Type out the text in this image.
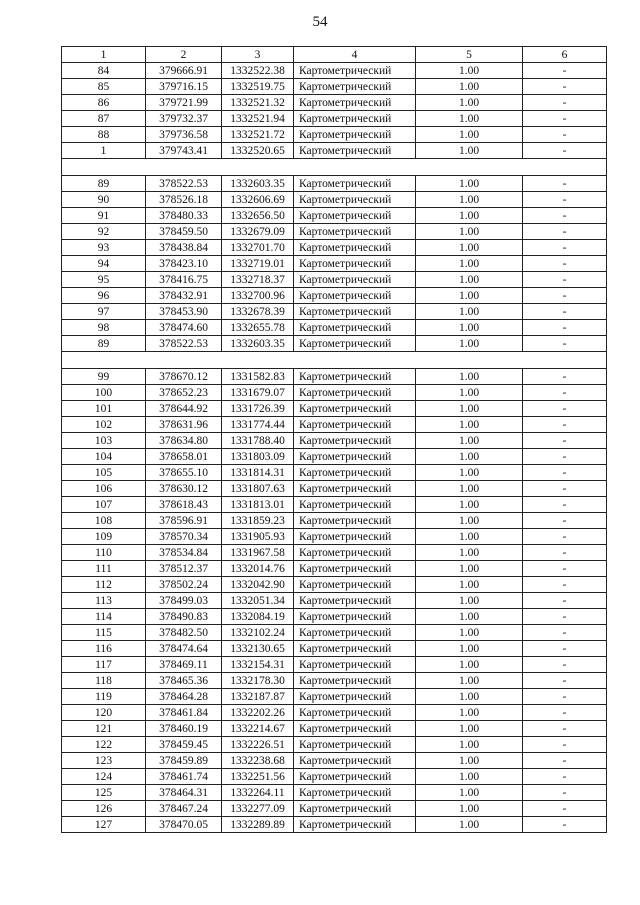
54
1	2	3	4	5	6
84	379666.91	1332522.38	Картометрический	1.00	-
85	379716.15	1332519.75	Картометрический	1.00	-
86	379721.99	1332521.32	Картометрический	1.00	-
87	379732.37	1332521.94	Картометрический	1.00	-
88	379736.58	1332521.72	Картометрический	1.00	-
1	379743.41	1332520.65	Картометрический	1.00	-

89	378522.53	1332603.35	Картометрический	1.00	-
90	378526.18	1332606.69	Картометрический	1.00	-
91	378480.33	1332656.50	Картометрический	1.00	-
92	378459.50	1332679.09	Картометрический	1.00	-
93	378438.84	1332701.70	Картометрический	1.00	-
94	378423.10	1332719.01	Картометрический	1.00	-
95	378416.75	1332718.37	Картометрический	1.00	-
96	378432.91	1332700.96	Картометрический	1.00	-
97	378453.90	1332678.39	Картометрический	1.00	-
98	378474.60	1332655.78	Картометрический	1.00	-
89	378522.53	1332603.35	Картометрический	1.00	-

99	378670.12	1331582.83	Картометрический	1.00	-
100	378652.23	1331679.07	Картометрический	1.00	-
101	378644.92	1331726.39	Картометрический	1.00	-
102	378631.96	1331774.44	Картометрический	1.00	-
103	378634.80	1331788.40	Картометрический	1.00	-
104	378658.01	1331803.09	Картометрический	1.00	-
105	378655.10	1331814.31	Картометрический	1.00	-
106	378630.12	1331807.63	Картометрический	1.00	-
107	378618.43	1331813.01	Картометрический	1.00	-
108	378596.91	1331859.23	Картометрический	1.00	-
109	378570.34	1331905.93	Картометрический	1.00	-
110	378534.84	1331967.58	Картометрический	1.00	-
111	378512.37	1332014.76	Картометрический	1.00	-
112	378502.24	1332042.90	Картометрический	1.00	-
113	378499.03	1332051.34	Картометрический	1.00	-
114	378490.83	1332084.19	Картометрический	1.00	-
115	378482.50	1332102.24	Картометрический	1.00	-
116	378474.64	1332130.65	Картометрический	1.00	-
117	378469.11	1332154.31	Картометрический	1.00	-
118	378465.36	1332178.30	Картометрический	1.00	-
119	378464.28	1332187.87	Картометрический	1.00	-
120	378461.84	1332202.26	Картометрический	1.00	-
121	378460.19	1332214.67	Картометрический	1.00	-
122	378459.45	1332226.51	Картометрический	1.00	-
123	378459.89	1332238.68	Картометрический	1.00	-
124	378461.74	1332251.56	Картометрический	1.00	-
125	378464.31	1332264.11	Картометрический	1.00	-
126	378467.24	1332277.09	Картометрический	1.00	-
127	378470.05	1332289.89	Картометрический	1.00	-
